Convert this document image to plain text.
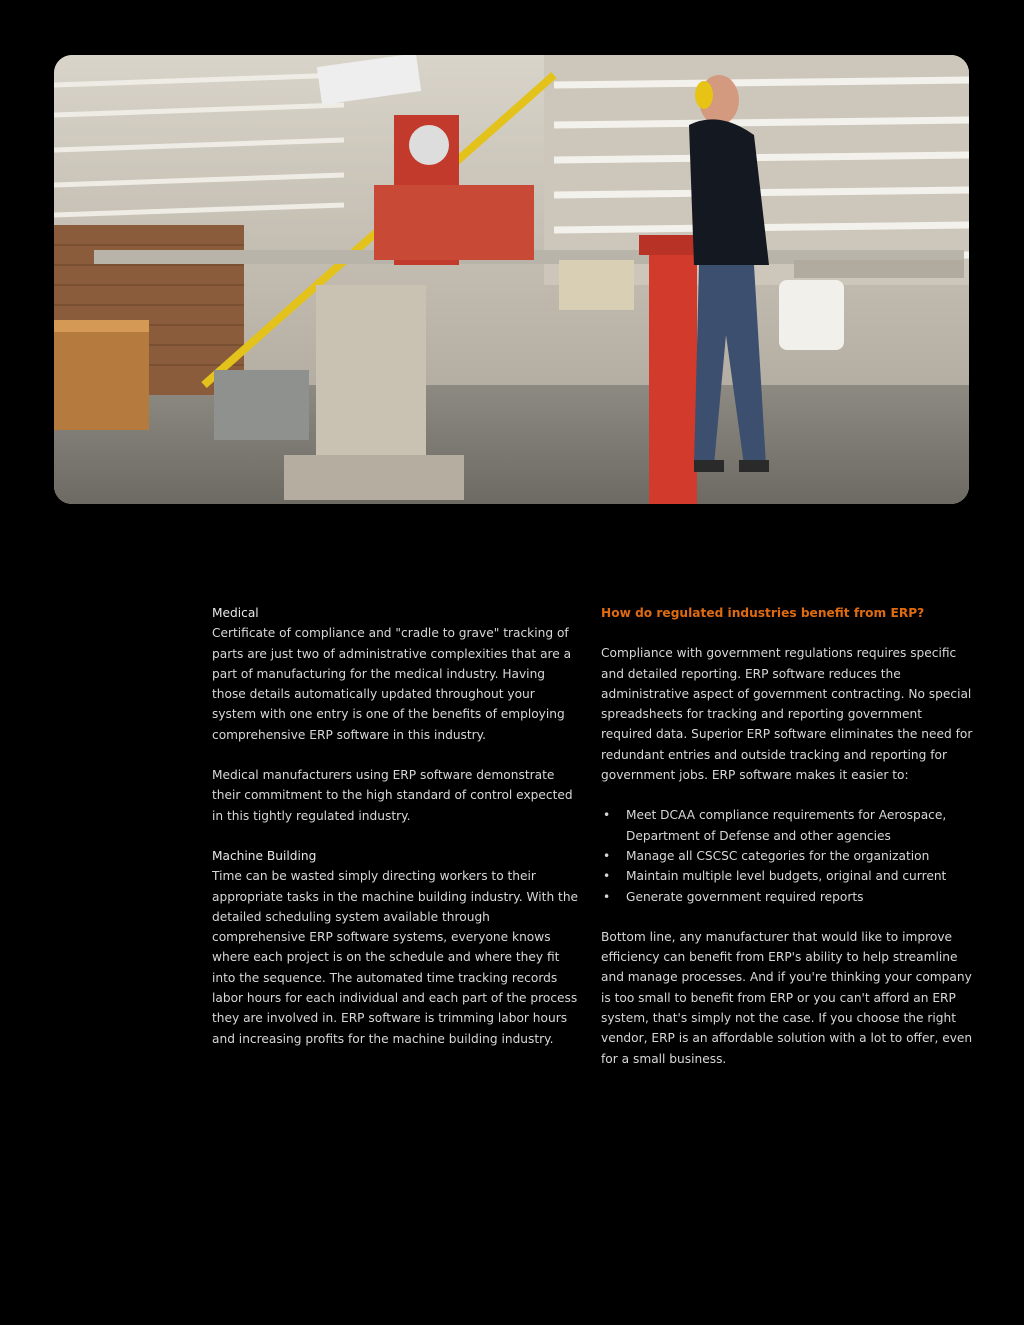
Medical

Certificate of compliance and "cradle to grave" tracking of parts are just two of administrative complexities that are a part of manufacturing for the medical industry. Having those details automatically updated throughout your system with one entry is one of the benefits of employing comprehensive ERP software in this industry.

Medical manufacturers using ERP software demonstrate their commitment to the high standard of control expected in this tightly regulated industry.

Machine Building

Time can be wasted simply directing workers to their appropriate tasks in the machine building industry. With the detailed scheduling system available through comprehensive ERP software systems, everyone knows where each project is on the schedule and where they fit into the sequence. The automated time tracking records labor hours for each individual and each part of the process they are involved in. ERP software is trimming labor hours and increasing profits for the machine building industry.

How do regulated industries benefit from ERP?

Compliance with government regulations requires specific and detailed reporting. ERP software reduces the administrative aspect of government contracting. No special spreadsheets for tracking and reporting government required data. Superior ERP software eliminates the need for redundant entries and outside tracking and reporting for government jobs. ERP software makes it easier to:

• Meet DCAA compliance requirements for Aerospace, Department of Defense and other agencies
• Manage all CSCSC categories for the organization
• Maintain multiple level budgets, original and current
• Generate government required reports

Bottom line, any manufacturer that would like to improve efficiency can benefit from ERP's ability to help streamline and manage processes. And if you're thinking your company is too small to benefit from ERP or you can't afford an ERP system, that's simply not the case. If you choose the right vendor, ERP is an affordable solution with a lot to offer, even for a small business.
